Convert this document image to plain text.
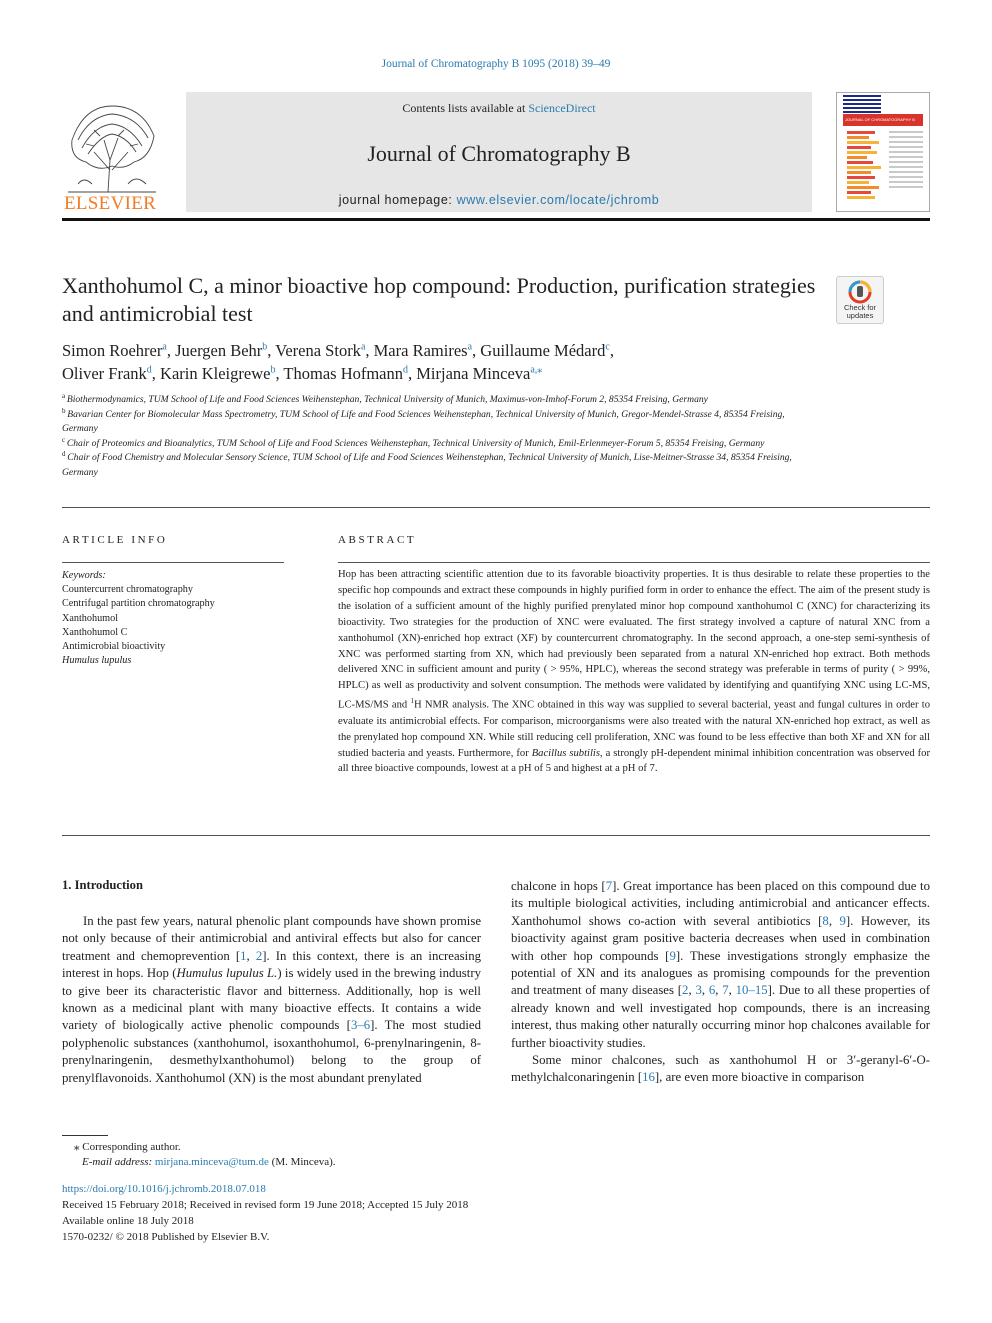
Journal of Chromatography B 1095 (2018) 39–49
ELSEVIER
Contents lists available at ScienceDirect
Journal of Chromatography B
journal homepage: www.elsevier.com/locate/jchromb
JOURNAL OF CHROMATOGRAPHY B
Xanthohumol C, a minor bioactive hop compound: Production, purification strategies and antimicrobial test	Check for updates
Simon Roehrer$^a$, Juergen Behr$^b$, Verena Stork$^a$, Mara Ramires$^a$, Guillaume Médard$^c$,
Oliver Frank$^d$, Karin Kleigrewe$^b$, Thomas Hofmann$^d$, Mirjana Minceva$^{a,⁎}$
$^a$ Biothermodynamics, TUM School of Life and Food Sciences Weihenstephan, Technical University of Munich, Maximus-von-Imhof-Forum 2, 85354 Freising, Germany
$^b$ Bavarian Center for Biomolecular Mass Spectrometry, TUM School of Life and Food Sciences Weihenstephan, Technical University of Munich, Gregor-Mendel-Strasse 4, 85354 Freising, Germany
$^c$ Chair of Proteomics and Bioanalytics, TUM School of Life and Food Sciences Weihenstephan, Technical University of Munich, Emil-Erlenmeyer-Forum 5, 85354 Freising, Germany
$^d$ Chair of Food Chemistry and Molecular Sensory Science, TUM School of Life and Food Sciences Weihenstephan, Technical University of Munich, Lise-Meitner-Strasse 34, 85354 Freising, Germany
ARTICLE INFO
Keywords:
Countercurrent chromatography
Centrifugal partition chromatography
Xanthohumol
Xanthohumol C
Antimicrobial bioactivity
Humulus lupulus
ABSTRACT
Hop has been attracting scientific attention due to its favorable bioactivity properties. It is thus desirable to relate these properties to the specific hop compounds and extract these compounds in highly purified form in order to enhance the effect. The aim of the present study is the isolation of a sufficient amount of the highly purified prenylated minor hop compound xanthohumol C (XNC) for characterizing its bioactivity. Two strategies for the production of XNC were evaluated. The first strategy involved a capture of natural XNC from a xanthohumol (XN)-enriched hop extract (XF) by countercurrent chromatography. In the second approach, a one-step semi-synthesis of XNC was performed starting from XN, which had previously been separated from a natural XN-enriched hop extract. Both methods delivered XNC in sufficient amount and purity ( > 95%, HPLC), whereas the second strategy was preferable in terms of purity ( > 99%, HPLC) as well as productivity and solvent consumption. The methods were validated by identifying and quantifying XNC using LC-MS, LC-MS/MS and $^1$H NMR analysis. The XNC obtained in this way was supplied to several bacterial, yeast and fungal cultures in order to evaluate its antimicrobial effects. For comparison, microorganisms were also treated with the natural XN-enriched hop extract, as well as the prenylated hop compound XN. While still reducing cell proliferation, XNC was found to be less effective than both XF and XN for all studied bacteria and yeasts. Furthermore, for Bacillus subtilis, a strongly pH-dependent minimal inhibition concentration was observed for all three bioactive compounds, lowest at a pH of 5 and highest at a pH of 7.
1. Introduction

In the past few years, natural phenolic plant compounds have shown promise not only because of their antimicrobial and antiviral effects but also for cancer treatment and chemoprevention [1, 2]. In this context, there is an increasing interest in hops. Hop (Humulus lupulus L.) is widely used in the brewing industry to give beer its characteristic flavor and bitterness. Additionally, hop is well known as a medicinal plant with many bioactive effects. It contains a wide variety of biologically active phenolic compounds [3–6]. The most studied polyphenolic substances (xanthohumol, isoxanthohumol, 6-prenylnaringenin, 8-prenylnaringenin, desmethylxanthohumol) belong to the group of prenylflavonoids. Xanthohumol (XN) is the most abundant prenylated

chalcone in hops [7]. Great importance has been placed on this compound due to its multiple biological activities, including antimicrobial and anticancer effects. Xanthohumol shows co-action with several antibiotics [8, 9]. However, its bioactivity against gram positive bacteria decreases when used in combination with other hop compounds [9]. These investigations strongly emphasize the potential of XN and its analogues as promising compounds for the prevention and treatment of many diseases [2, 3, 6, 7, 10–15]. Due to all these properties of already known and well investigated hop compounds, there is an increasing interest, thus making other naturally occurring minor hop chalcones available for further bioactivity studies.

Some minor chalcones, such as xanthohumol H or 3′-geranyl-6′-O-methylchalconaringenin [16], are even more bioactive in comparison

⁎ Corresponding author.
E-mail address: mirjana.minceva@tum.de (M. Minceva).
https://doi.org/10.1016/j.jchromb.2018.07.018
Received 15 February 2018; Received in revised form 19 June 2018; Accepted 15 July 2018
Available online 18 July 2018
1570-0232/ © 2018 Published by Elsevier B.V.
